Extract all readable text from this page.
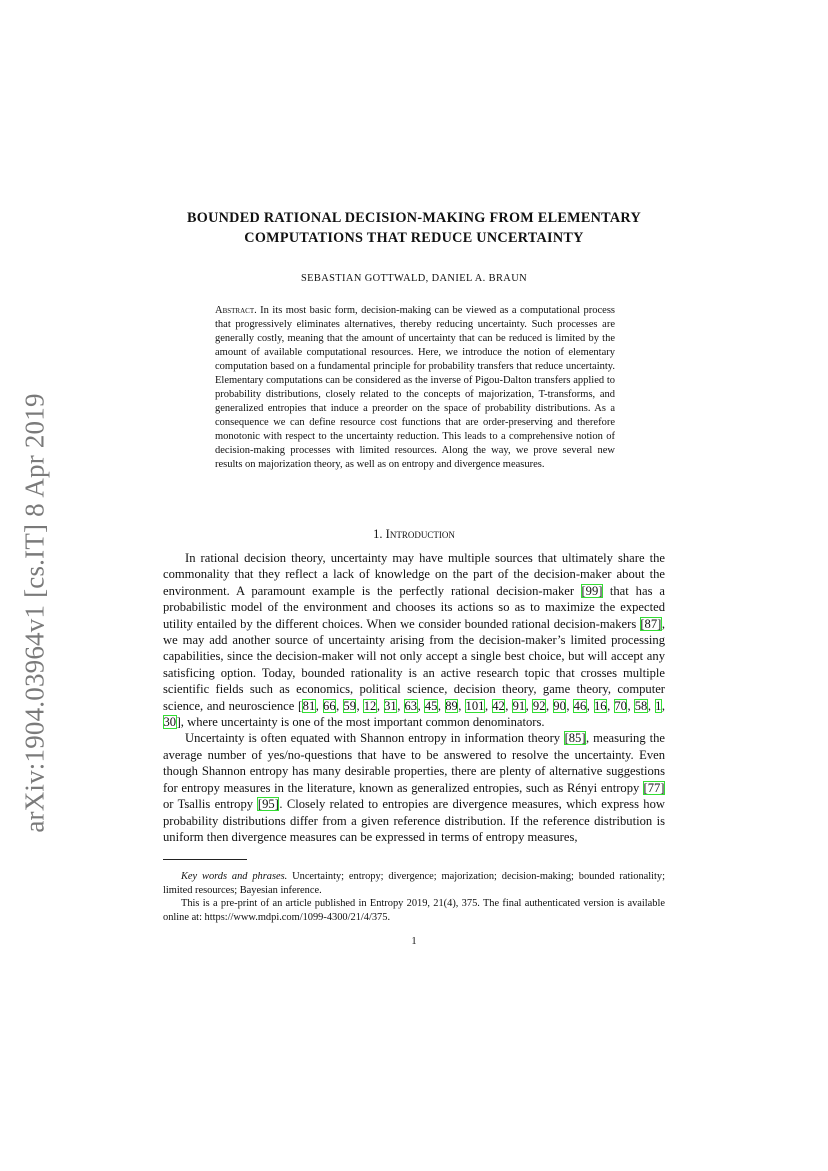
arXiv:1904.03964v1 [cs.IT] 8 Apr 2019
BOUNDED RATIONAL DECISION-MAKING FROM ELEMENTARY COMPUTATIONS THAT REDUCE UNCERTAINTY
SEBASTIAN GOTTWALD, DANIEL A. BRAUN
Abstract. In its most basic form, decision-making can be viewed as a computational process that progressively eliminates alternatives, thereby reducing uncertainty. Such processes are generally costly, meaning that the amount of uncertainty that can be reduced is limited by the amount of available computational resources. Here, we introduce the notion of elementary computation based on a fundamental principle for probability transfers that reduce uncertainty. Elementary computations can be considered as the inverse of Pigou-Dalton transfers applied to probability distributions, closely related to the concepts of majorization, T-transforms, and generalized entropies that induce a preorder on the space of probability distributions. As a consequence we can define resource cost functions that are order-preserving and therefore monotonic with respect to the uncertainty reduction. This leads to a comprehensive notion of decision-making processes with limited resources. Along the way, we prove several new results on majorization theory, as well as on entropy and divergence measures.
1. Introduction

In rational decision theory, uncertainty may have multiple sources that ultimately share the commonality that they reflect a lack of knowledge on the part of the decision-maker about the environment. A paramount example is the perfectly rational decision-maker [99] that has a probabilistic model of the environment and chooses its actions so as to maximize the expected utility entailed by the different choices. When we consider bounded rational decision-makers [87], we may add another source of uncertainty arising from the decision-maker’s limited processing capabilities, since the decision-maker will not only accept a single best choice, but will accept any satisficing option. Today, bounded rationality is an active research topic that crosses multiple scientific fields such as economics, political science, decision theory, game theory, computer science, and neuroscience [81, 66, 59, 12, 31, 63, 45, 89, 101, 42, 91, 92, 90, 46, 16, 70, 58, 1, 30], where uncertainty is one of the most important common denominators.

Uncertainty is often equated with Shannon entropy in information theory [85], measuring the average number of yes/no-questions that have to be answered to resolve the uncertainty. Even though Shannon entropy has many desirable properties, there are plenty of alternative suggestions for entropy measures in the literature, known as generalized entropies, such as Rényi entropy [77] or Tsallis entropy [95]. Closely related to entropies are divergence measures, which express how probability distributions differ from a given reference distribution. If the reference distribution is uniform then divergence measures can be expressed in terms of entropy measures,

Key words and phrases. Uncertainty; entropy; divergence; majorization; decision-making; bounded rationality; limited resources; Bayesian inference.

This is a pre-print of an article published in Entropy 2019, 21(4), 375. The final authenticated version is available online at: https://www.mdpi.com/1099-4300/21/4/375.

1
